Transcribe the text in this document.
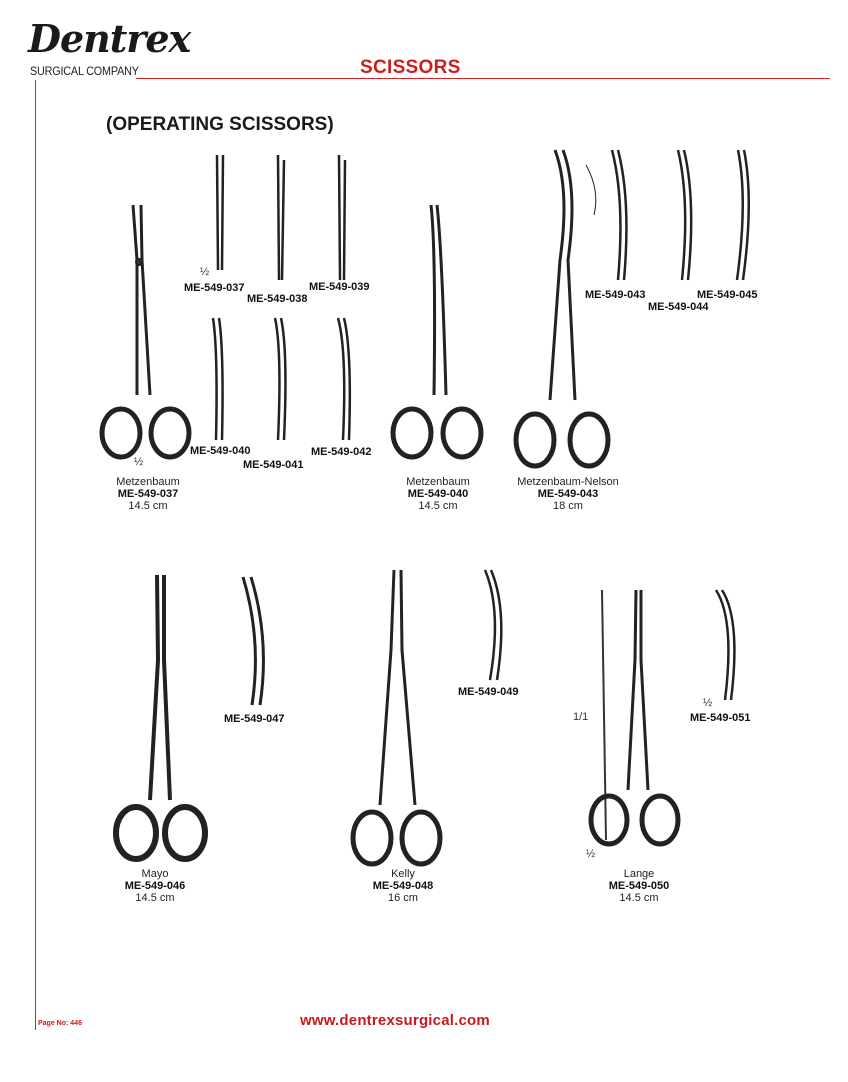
Dentrex
SURGICAL COMPANY	SCISSORS
(OPERATING SCISSORS)
½
ME-549-037
ME-549-038
ME-549-039
ME-549-040
ME-549-041
ME-549-042
ME-549-043
ME-549-044
ME-549-045
ME-549-047
ME-549-049
1/1
½
ME-549-051
½
Metzenbaum
ME-549-037
14.5 cm
Metzenbaum
ME-549-040
14.5 cm
Metzenbaum-Nelson
ME-549-043
18 cm
Mayo
ME-549-046
14.5 cm
Kelly
ME-549-048
16 cm
½
Lange
ME-549-050
14.5 cm
Page No: 446	www.dentrexsurgical.com
